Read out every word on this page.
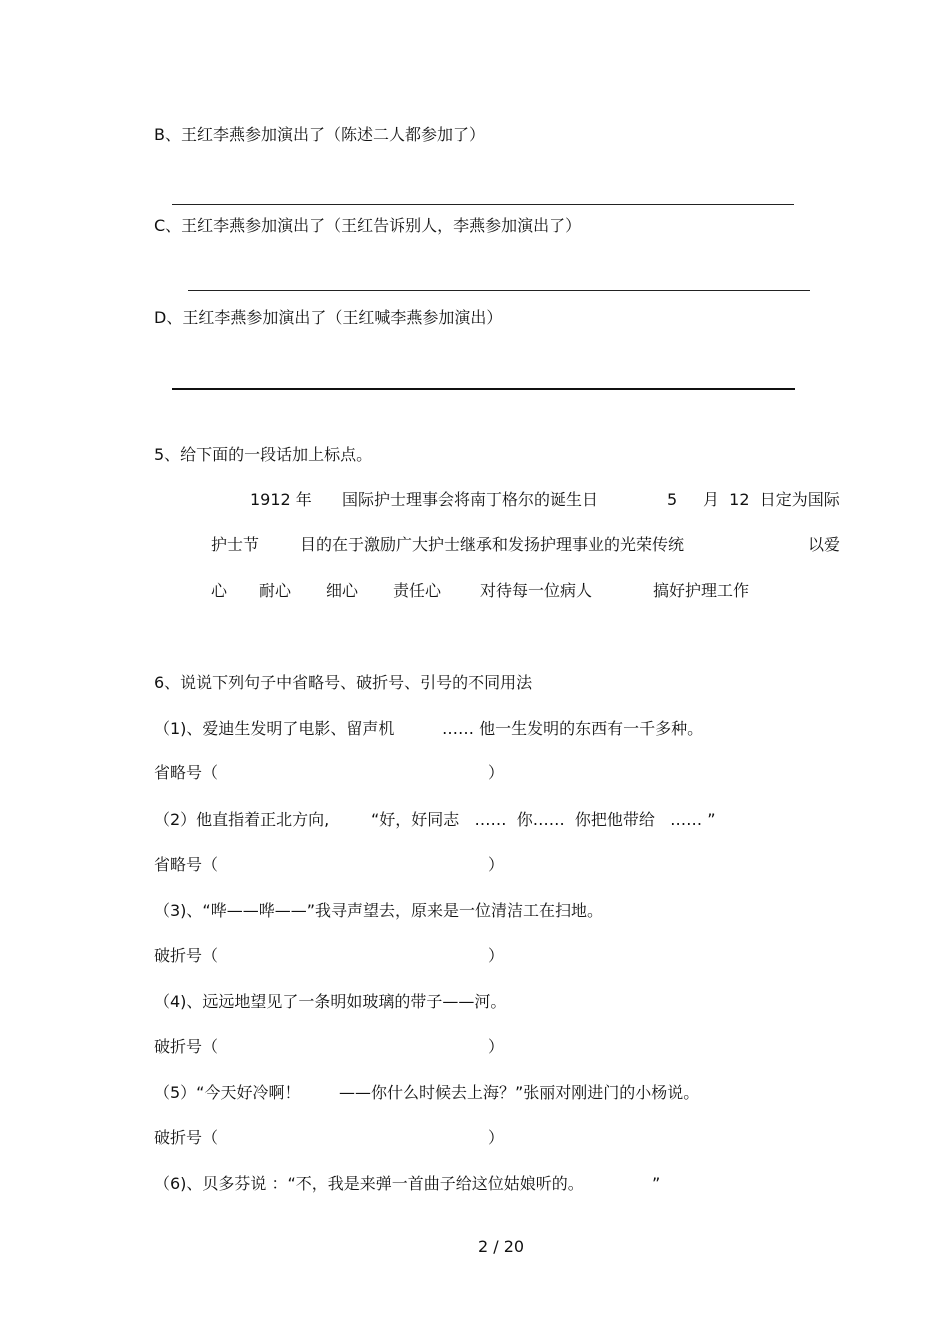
B、王红李燕参加演出了（陈述二人都参加了）
C、王红李燕参加演出了（王红告诉别人，李燕参加演出了）
D、王红李燕参加演出了（王红喊李燕参加演出）
5、给下面的一段话加上标点。
1912 年 国际护士理事会将南丁格尔的诞生日	5 月  12  日定为国际
护士节	目的在于激励广大护士继承和发扬护理事业的光荣传统	以爱
心 耐心 细心 责任心 对待每一位病人	搞好护理工作
6、说说下列句子中省略号、破折号、引号的不同用法
（1)、爱迪生发明了电影、留声机	…… 他一生发明的东西有一千多种。
省略号（	）
（2）他直指着正北方向,	“好，好同志   ……  你……  你把他带给   …… ”
省略号（	）
（3)、“哗——哗——”我寻声望去，原来是一位清洁工在扫地。
破折号（	）
（4)、远远地望见了一条明如玻璃的带子——河。
破折号（	）
（5）“今天好冷啊！ ——你什么时候去上海？”张丽对刚进门的小杨说。
破折号（	）
（6)、贝多芬说 ：“不，我是来弹一首曲子给这位姑娘听的。	”
2 / 20
